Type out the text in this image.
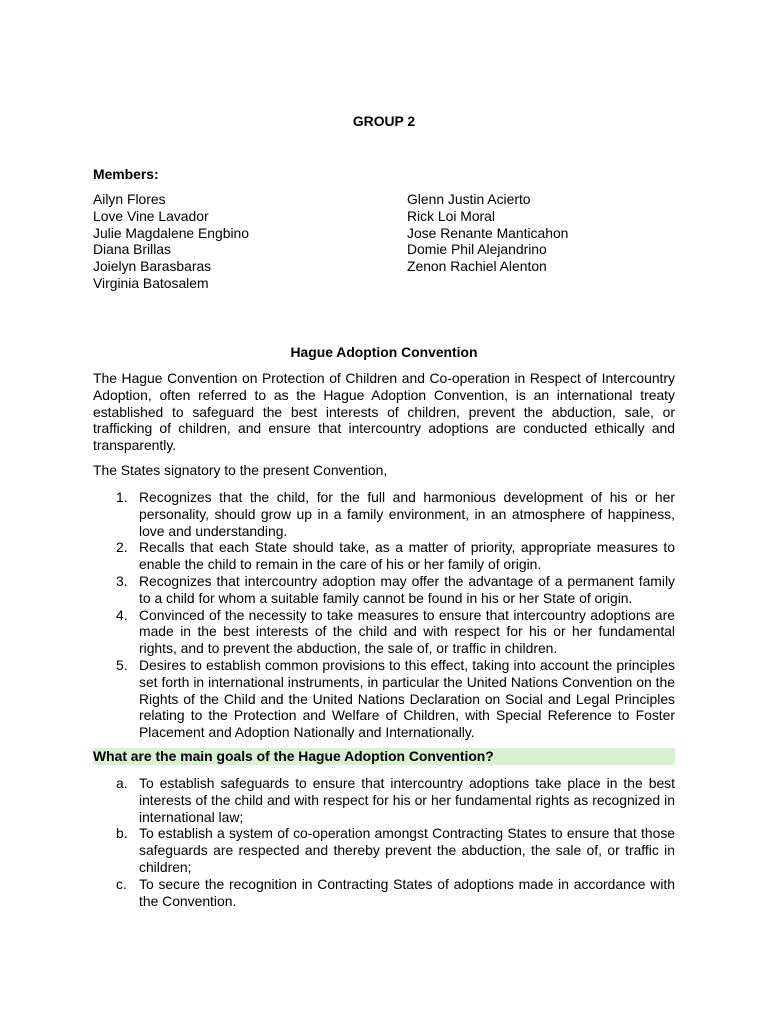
GROUP 2
Members:
Ailyn Flores
Love Vine Lavador
Julie Magdalene Engbino
Diana Brillas
Joielyn Barasbaras
Virginia Batosalem
Glenn Justin Acierto
Rick Loi Moral
Jose Renante Manticahon
Domie Phil Alejandrino
Zenon Rachiel Alenton
Hague Adoption Convention

The Hague Convention on Protection of Children and Co-operation in Respect of Intercountry Adoption, often referred to as the Hague Adoption Convention, is an international treaty established to safeguard the best interests of children, prevent the abduction, sale, or trafficking of children, and ensure that intercountry adoptions are conducted ethically and transparently.

The States signatory to the present Convention,

1. Recognizes that the child, for the full and harmonious development of his or her personality, should grow up in a family environment, in an atmosphere of happiness, love and understanding.
2. Recalls that each State should take, as a matter of priority, appropriate measures to enable the child to remain in the care of his or her family of origin.
3. Recognizes that intercountry adoption may offer the advantage of a permanent family to a child for whom a suitable family cannot be found in his or her State of origin.
4. Convinced of the necessity to take measures to ensure that intercountry adoptions are made in the best interests of the child and with respect for his or her fundamental rights, and to prevent the abduction, the sale of, or traffic in children.
5. Desires to establish common provisions to this effect, taking into account the principles set forth in international instruments, in particular the United Nations Convention on the Rights of the Child and the United Nations Declaration on Social and Legal Principles relating to the Protection and Welfare of Children, with Special Reference to Foster Placement and Adoption Nationally and Internationally.
What are the main goals of the Hague Adoption Convention?
a. To establish safeguards to ensure that intercountry adoptions take place in the best interests of the child and with respect for his or her fundamental rights as recognized in international law;
b. To establish a system of co-operation amongst Contracting States to ensure that those safeguards are respected and thereby prevent the abduction, the sale of, or traffic in children;
c. To secure the recognition in Contracting States of adoptions made in accordance with the Convention.
